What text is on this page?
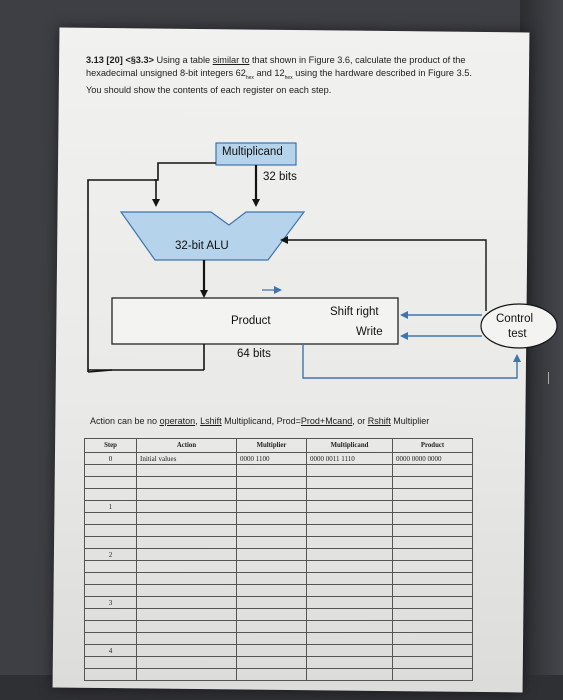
3.13 [20] <§3.3> Using a table similar to that shown in Figure 3.6, calculate the product of the hexadecimal unsigned 8-bit integers $62_{hex}$ and $12_{hex}$ using the hardware described in Figure 3.5. You should show the contents of each register on each step.
Multiplicand
32 bits
32-bit ALU
Product
64 bits
Shift right
Write
Control
test
Action can be no operaton, Lshift Multiplicand, Prod=Prod+Mcand, or Rshift Multiplier
Step	Action	Multiplier	Multiplicand	Product
0	Initial values	0000 1100	0000 0011 1110	0000 0000 0000

1				

2				

3				

4				
